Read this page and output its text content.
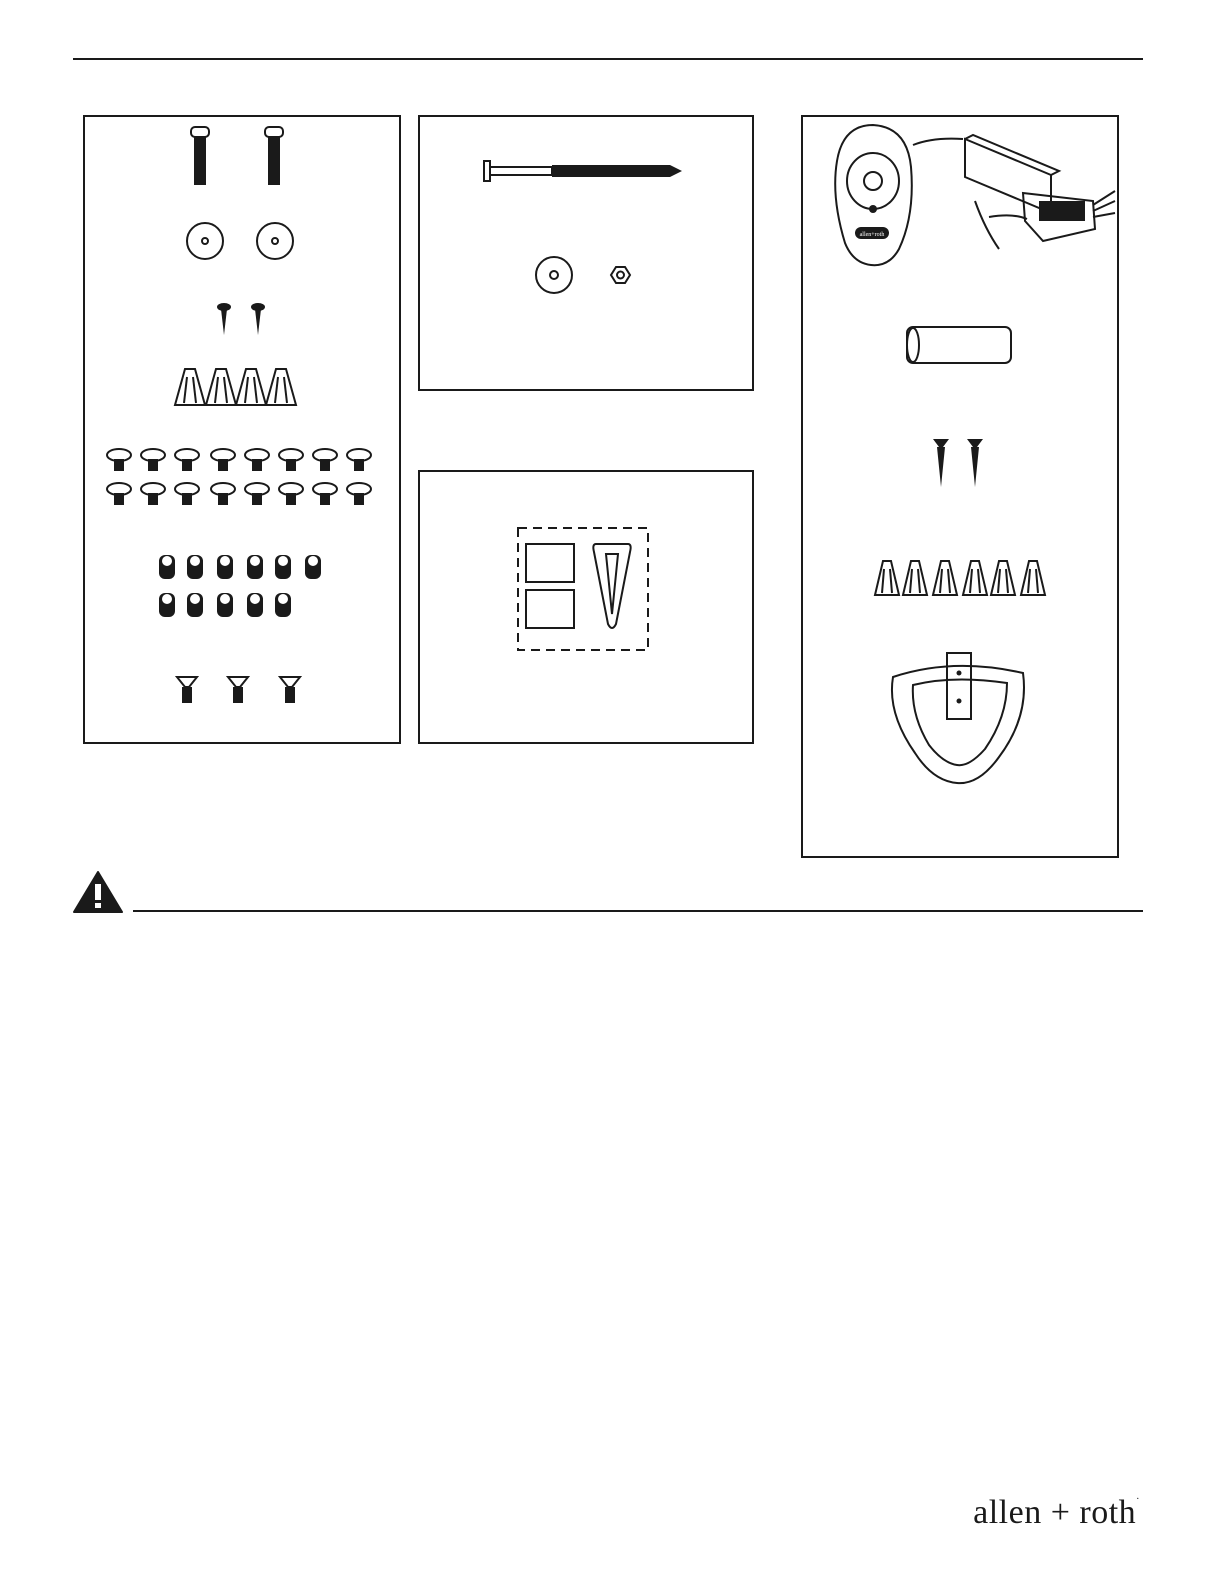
allen+roth
allen + roth·
